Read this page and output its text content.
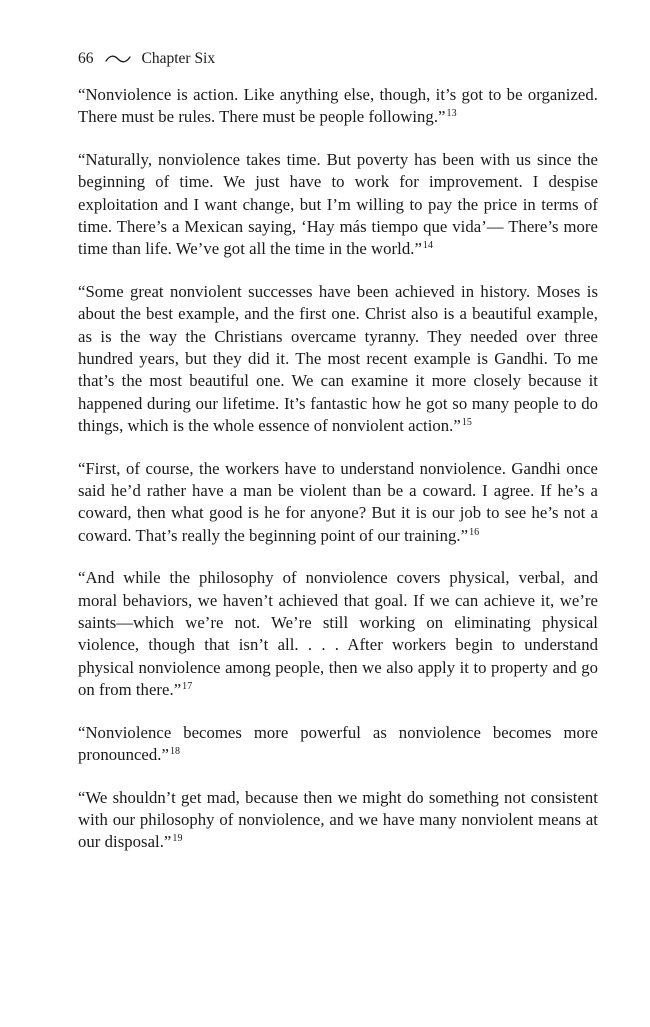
66	Chapter Six

“Nonviolence is action. Like anything else, though, it’s got to be organized. There must be rules. There must be people following.”$^{13}$

“Naturally, nonviolence takes time. But poverty has been with us since the beginning of time. We just have to work for improvement. I despise exploitation and I want change, but I’m willing to pay the price in terms of time. There’s a Mexican saying, ‘Hay más tiempo que vida’— There’s more time than life. We’ve got all the time in the world.”$^{14}$

“Some great nonviolent successes have been achieved in history. Moses is about the best example, and the first one. Christ also is a beautiful example, as is the way the Christians overcame tyranny. They needed over three hundred years, but they did it. The most recent example is Gandhi. To me that’s the most beautiful one. We can examine it more closely because it happened during our lifetime. It’s fantastic how he got so many people to do things, which is the whole essence of nonviolent action.”$^{15}$

“First, of course, the workers have to understand nonviolence. Gandhi once said he’d rather have a man be violent than be a coward. I agree. If he’s a coward, then what good is he for anyone? But it is our job to see he’s not a coward. That’s really the beginning point of our training.”$^{16}$

“And while the philosophy of nonviolence covers physical, verbal, and moral behaviors, we haven’t achieved that goal. If we can achieve it, we’re saints—which we’re not. We’re still working on eliminating physical violence, though that isn’t all. . . . After workers begin to understand physical nonviolence among people, then we also apply it to property and go on from there.”$^{17}$

“Nonviolence becomes more powerful as nonviolence becomes more pronounced.”$^{18}$

“We shouldn’t get mad, because then we might do something not consistent with our philosophy of nonviolence, and we have many nonviolent means at our disposal.”$^{19}$
